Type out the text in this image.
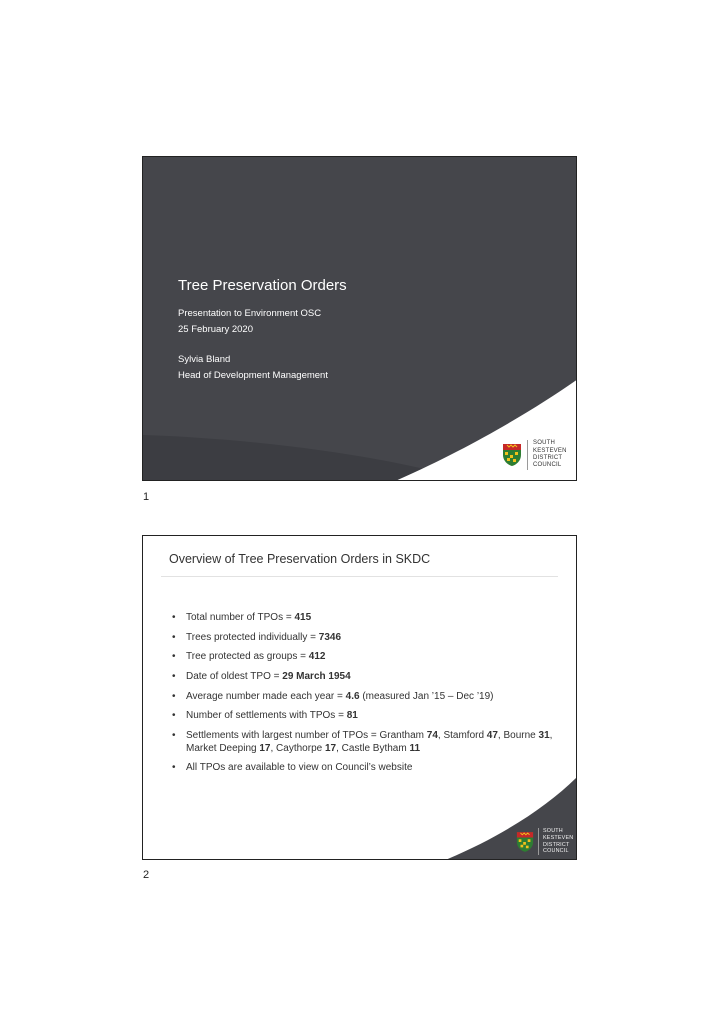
Tree Preservation Orders
Presentation to Environment OSC
25 February 2020
Sylvia Bland
Head of Development Management
SOUTH
KESTEVEN
DISTRICT
COUNCIL
1
Overview of Tree Preservation Orders in SKDC
• Total number of TPOs = 415
• Trees protected individually = 7346
• Tree protected as groups = 412
• Date of oldest TPO = 29 March 1954
• Average number made each year = 4.6 (measured Jan ’15 – Dec ’19)
• Number of settlements with TPOs = 81
• Settlements with largest number of TPOs = Grantham 74, Stamford 47, Bourne 31, Market Deeping 17, Caythorpe 17, Castle Bytham 11
• All TPOs are available to view on Council’s website
SOUTH
KESTEVEN
DISTRICT
COUNCIL
2
